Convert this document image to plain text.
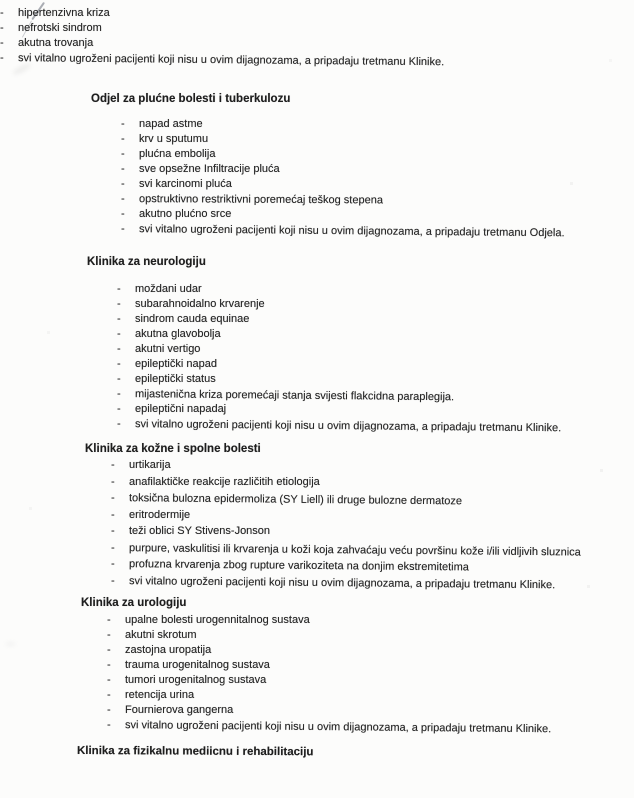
- hipertenzivna kriza
- nefrotski sindrom
- akutna trovanja
- svi vitalno ugroženi pacijenti koji nisu u ovim dijagnozama, a pripadaju tretmanu Klinike.
Odjel za plućne bolesti i tuberkulozu
- napad astme
- krv u sputumu
- plućna embolija
- sve opsežne Infiltracije pluća
- svi karcinomi pluća
- opstruktivno restriktivni poremećaj teškog stepena
- akutno plućno srce
- svi vitalno ugroženi pacijenti koji nisu u ovim dijagnozama, a pripadaju tretmanu Odjela.
Klinika za neurologiju
- moždani udar
- subarahnoidalno krvarenje
- sindrom cauda equinae
- akutna glavobolja
- akutni vertigo
- epileptički napad
- epileptički status
- mijastenična kriza poremećaji stanja svijesti flakcidna paraplegija.
- epileptični napadaj
- svi vitalno ugroženi pacijenti koji nisu u ovim dijagnozama, a pripadaju tretmanu Klinike.
Klinika za kožne i spolne bolesti
- urtikarija
- anafilaktičke reakcije različitih etiologija
- toksična bulozna epidermoliza (SY Liell) ili druge bulozne dermatoze
- eritrodermije
- teži oblici SY Stivens-Jonson
- purpure, vaskulitisi ili krvarenja u koži koja zahvaćaju veću površinu kože i/ili vidljivih sluznica
- profuzna krvarenja zbog rupture varikoziteta na donjim ekstremitetima
- svi vitalno ugroženi pacijenti koji nisu u ovim dijagnozama, a pripadaju tretmanu Klinike.
Klinika za urologiju
- upalne bolesti urogennitalnog sustava
- akutni skrotum
- zastojna uropatija
- trauma urogenitalnog sustava
- tumori urogenitalnog sustava
- retencija urina
- Fournierova gangerna
- svi vitalno ugroženi pacijenti koji nisu u ovim dijagnozama, a pripadaju tretmanu Klinike.
Klinika za fizikalnu mediicnu i rehabilitaciju
